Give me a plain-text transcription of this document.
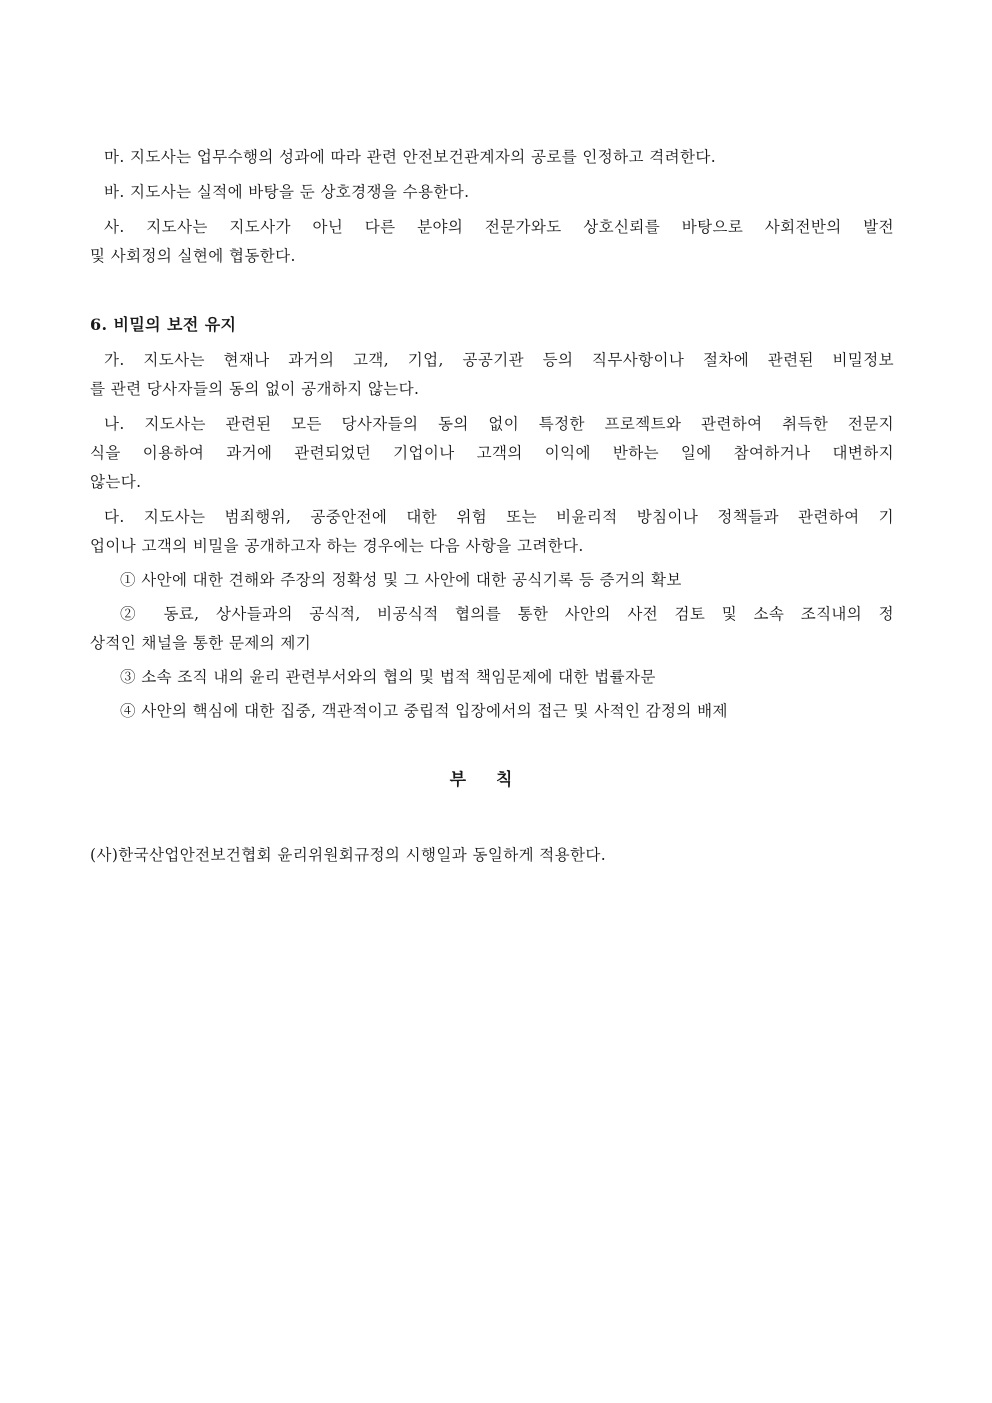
마. 지도사는 업무수행의 성과에 따라 관련 안전보건관계자의 공로를 인정하고 격려한다.
바. 지도사는 실적에 바탕을 둔 상호경쟁을 수용한다.
사. 지도사는 지도사가 아닌 다른 분야의 전문가와도 상호신뢰를 바탕으로 사회전반의 발전
및 사회정의 실현에 협동한다.
6. 비밀의 보전 유지
가. 지도사는 현재나 과거의 고객, 기업, 공공기관 등의 직무사항이나 절차에 관련된 비밀정보
를 관련 당사자들의 동의 없이 공개하지 않는다.
나. 지도사는 관련된 모든 당사자들의 동의 없이 특정한 프로젝트와 관련하여 취득한 전문지
식을 이용하여 과거에 관련되었던 기업이나 고객의 이익에 반하는 일에 참여하거나 대변하지
않는다.
다. 지도사는 범죄행위, 공중안전에 대한 위험 또는 비윤리적 방침이나 정책들과 관련하여 기
업이나 고객의 비밀을 공개하고자 하는 경우에는 다음 사항을 고려한다.
① 사안에 대한 견해와 주장의 정확성 및 그 사안에 대한 공식기록 등 증거의 확보
② 동료, 상사들과의 공식적, 비공식적 협의를 통한 사안의 사전 검토 및 소속 조직내의 정
상적인 채널을 통한 문제의 제기
③ 소속 조직 내의 윤리 관련부서와의 협의 및 법적 책임문제에 대한 법률자문
④ 사안의 핵심에 대한 집중, 객관적이고 중립적 입장에서의 접근 및 사적인 감정의 배제
부칙
(사)한국산업안전보건협회 윤리위원회규정의 시행일과 동일하게 적용한다.
